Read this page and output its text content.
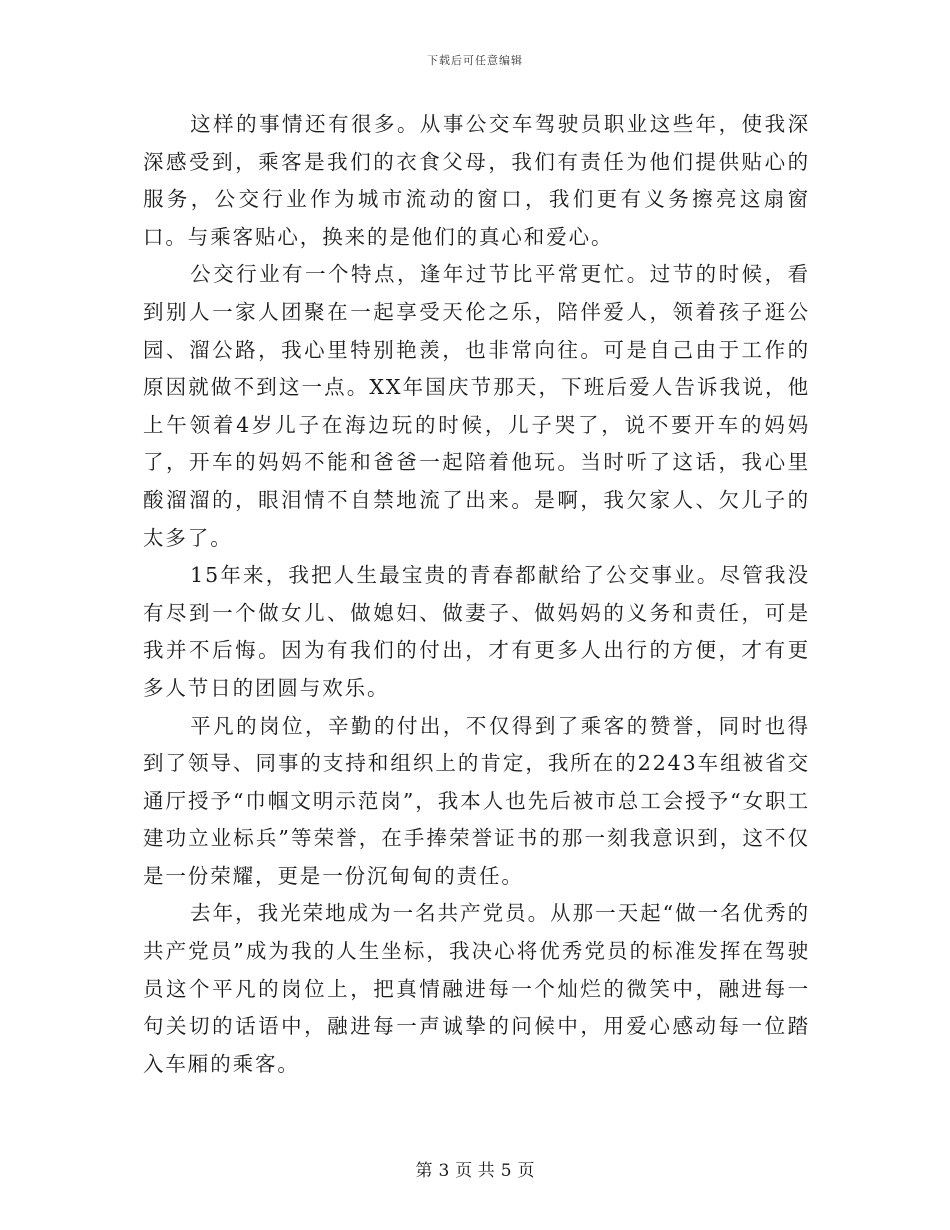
下载后可任意编辑

这样的事情还有很多。从事公交车驾驶员职业这些年，使我深深感受到，乘客是我们的衣食父母，我们有责任为他们提供贴心的服务，公交行业作为城市流动的窗口，我们更有义务擦亮这扇窗口。与乘客贴心，换来的是他们的真心和爱心。

公交行业有一个特点，逢年过节比平常更忙。过节的时候，看到别人一家人团聚在一起享受天伦之乐，陪伴爱人，领着孩子逛公园、溜公路，我心里特别艳羡，也非常向往。可是自己由于工作的原因就做不到这一点。XX年国庆节那天，下班后爱人告诉我说，他上午领着4岁儿子在海边玩的时候，儿子哭了，说不要开车的妈妈了，开车的妈妈不能和爸爸一起陪着他玩。当时听了这话，我心里酸溜溜的，眼泪情不自禁地流了出来。是啊，我欠家人、欠儿子的太多了。

15年来，我把人生最宝贵的青春都献给了公交事业。尽管我没有尽到一个做女儿、做媳妇、做妻子、做妈妈的义务和责任，可是我并不后悔。因为有我们的付出，才有更多人出行的方便，才有更多人节日的团圆与欢乐。

平凡的岗位，辛勤的付出，不仅得到了乘客的赞誉，同时也得到了领导、同事的支持和组织上的肯定，我所在的2243车组被省交通厅授予“巾帼文明示范岗”，我本人也先后被市总工会授予“女职工建功立业标兵”等荣誉，在手捧荣誉证书的那一刻我意识到，这不仅是一份荣耀，更是一份沉甸甸的责任。

去年，我光荣地成为一名共产党员。从那一天起“做一名优秀的共产党员”成为我的人生坐标，我决心将优秀党员的标准发挥在驾驶员这个平凡的岗位上，把真情融进每一个灿烂的微笑中，融进每一句关切的话语中，融进每一声诚挚的问候中，用爱心感动每一位踏入车厢的乘客。

第 3 页 共 5 页
